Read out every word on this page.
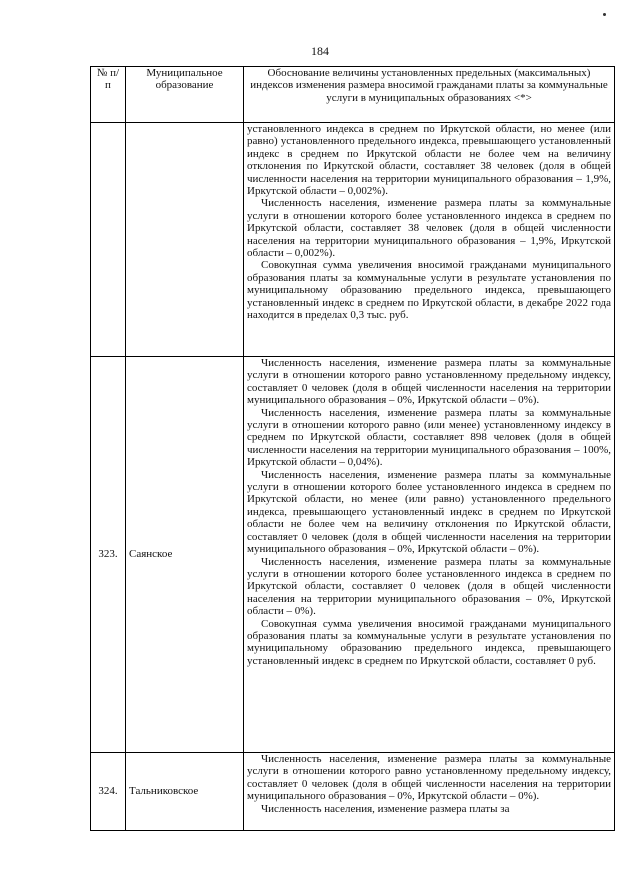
184
№ п/п	Муниципальное образование	Обоснование величины установленных предельных (максимальных) индексов изменения размера вносимой гражданами платы за коммунальные услуги в муниципальных образованиях <*>

		установленного индекса в среднем по Иркутской области, но менее (или равно) установленного предельного индекса, превышающего установленный индекс в среднем по Иркутской области не более чем на величину отклонения по Иркутской области, составляет 38 человек (доля в общей численности населения на территории муниципального образования – 1,9%, Иркутской области – 0,002%).

Численность населения, изменение размера платы за коммунальные услуги в отношении которого более установленного индекса в среднем по Иркутской области, составляет 38 человек (доля в общей численности населения на территории муниципального образования – 1,9%, Иркутской области – 0,002%).

Совокупная сумма увеличения вносимой гражданами муниципального образования платы за коммунальные услуги в результате установления по муниципальному образованию предельного индекса, превышающего установленный индекс в среднем по Иркутской области, в декабре 2022 года находится в пределах 0,3 тыс. руб.

323.	Саянское	Численность населения, изменение размера платы за коммунальные услуги в отношении которого равно установленному предельному индексу, составляет 0 человек (доля в общей численности населения на территории муниципального образования – 0%, Иркутской области – 0%).

Численность населения, изменение размера платы за коммунальные услуги в отношении которого равно (или менее) установленному индексу в среднем по Иркутской области, составляет 898 человек (доля в общей численности населения на территории муниципального образования – 100%, Иркутской области – 0,04%).

Численность населения, изменение размера платы за коммунальные услуги в отношении которого более установленного индекса в среднем по Иркутской области, но менее (или равно) установленного предельного индекса, превышающего установленный индекс в среднем по Иркутской области не более чем на величину отклонения по Иркутской области, составляет 0 человек (доля в общей численности населения на территории муниципального образования – 0%, Иркутской области – 0%).

Численность населения, изменение размера платы за коммунальные услуги в отношении которого более установленного индекса в среднем по Иркутской области, составляет 0 человек (доля в общей численности населения на территории муниципального образования – 0%, Иркутской области – 0%).

Совокупная сумма увеличения вносимой гражданами муниципального образования платы за коммунальные услуги в результате установления по муниципальному образованию предельного индекса, превышающего установленный индекс в среднем по Иркутской области, составляет 0 руб.

324.	Тальниковское	Численность населения, изменение размера платы за коммунальные услуги в отношении которого равно установленному предельному индексу, составляет 0 человек (доля в общей численности населения на территории муниципального образования – 0%, Иркутской области – 0%).

Численность населения, изменение размера платы за
